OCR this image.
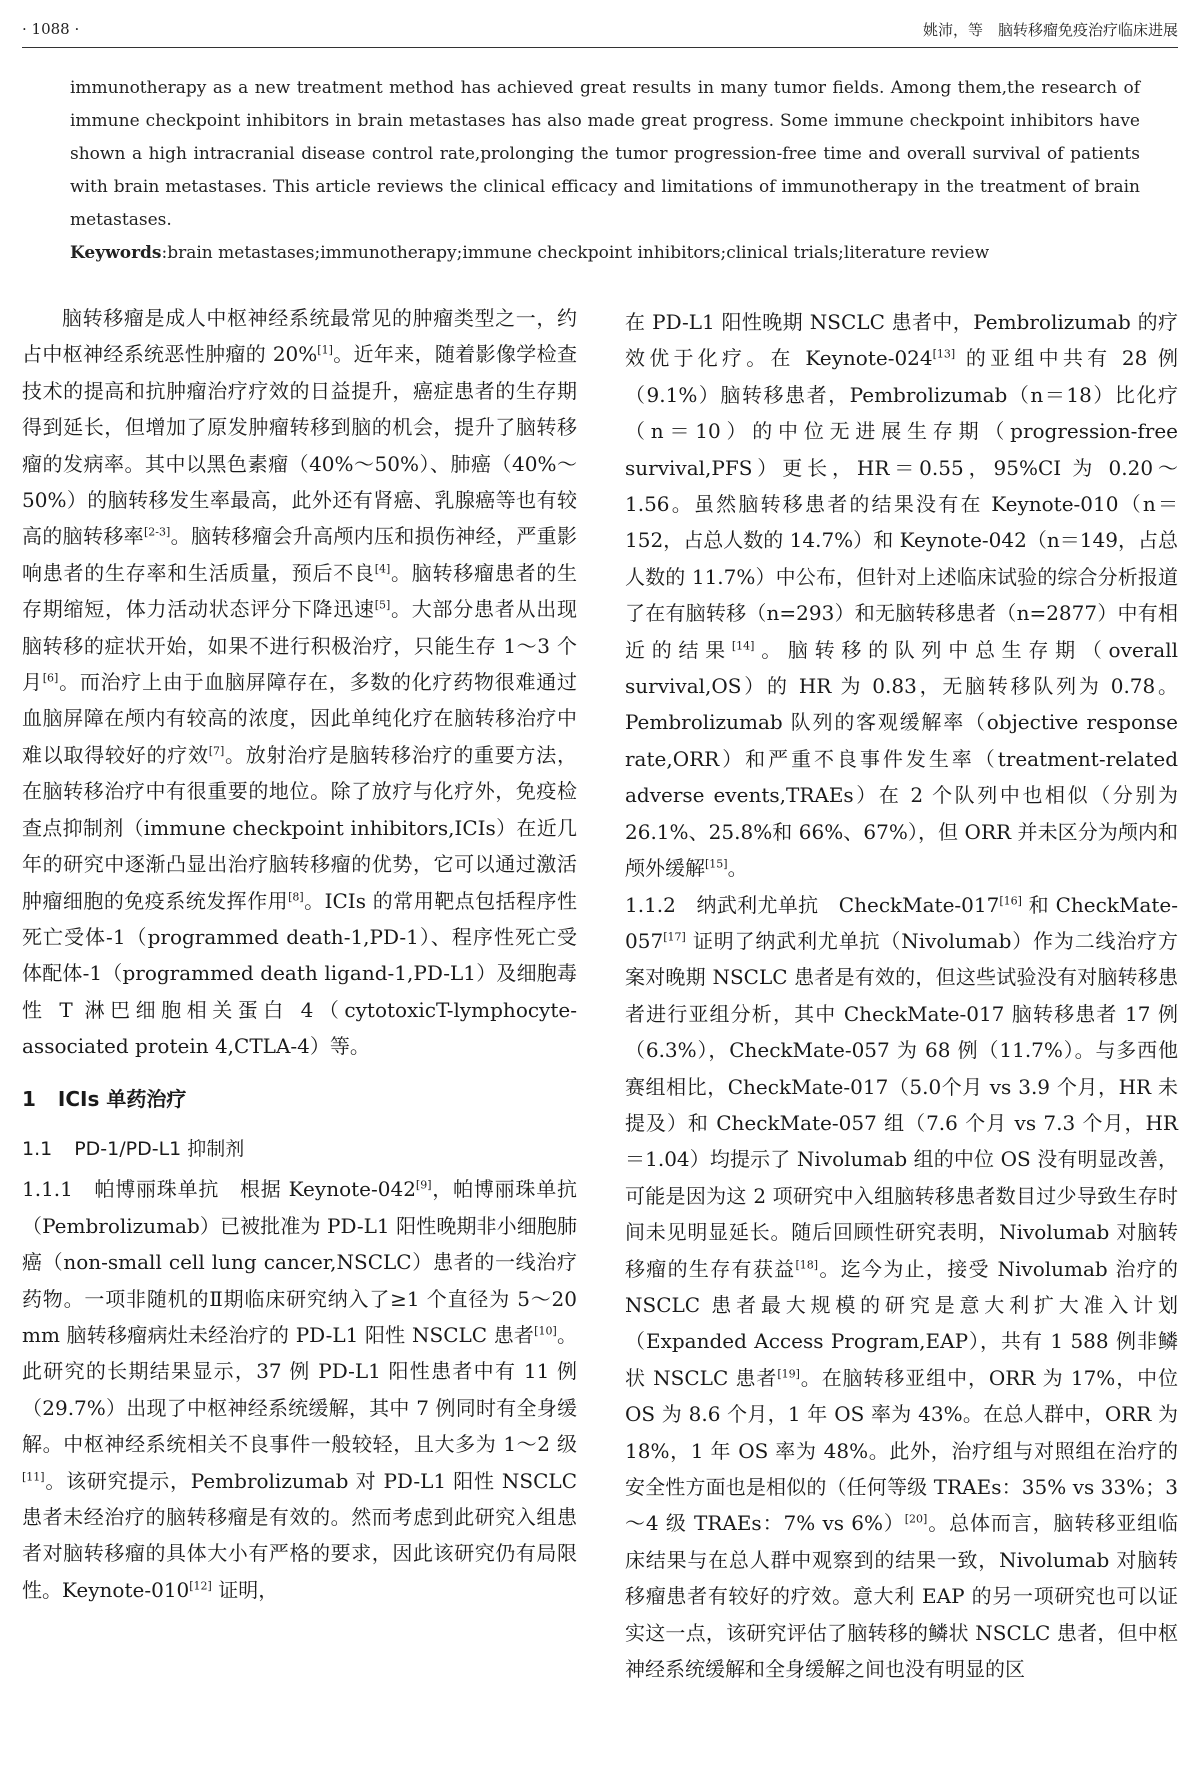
· 1088 ·	姚沛，等　脑转移瘤免疫治疗临床进展

immunotherapy as a new treatment method has achieved great results in many tumor fields. Among them,the research of immune checkpoint inhibitors in brain metastases has also made great progress. Some immune checkpoint inhibitors have shown a high intracranial disease control rate,prolonging the tumor progression-free time and overall survival of patients with brain metastases. This article reviews the clinical efficacy and limitations of immunotherapy in the treatment of brain metastases.

Keywords:brain metastases;immunotherapy;immune checkpoint inhibitors;clinical trials;literature review

脑转移瘤是成人中枢神经系统最常见的肿瘤类型之一，约占中枢神经系统恶性肿瘤的 20%[1]。近年来，随着影像学检查技术的提高和抗肿瘤治疗疗效的日益提升，癌症患者的生存期得到延长，但增加了原发肿瘤转移到脑的机会，提升了脑转移瘤的发病率。其中以黑色素瘤（40%～50%）、肺癌（40%～50%）的脑转移发生率最高，此外还有肾癌、乳腺癌等也有较高的脑转移率[2-3]。脑转移瘤会升高颅内压和损伤神经，严重影响患者的生存率和生活质量，预后不良[4]。脑转移瘤患者的生存期缩短，体力活动状态评分下降迅速[5]。大部分患者从出现脑转移的症状开始，如果不进行积极治疗，只能生存 1～3 个月[6]。而治疗上由于血脑屏障存在，多数的化疗药物很难通过血脑屏障在颅内有较高的浓度，因此单纯化疗在脑转移治疗中难以取得较好的疗效[7]。放射治疗是脑转移治疗的重要方法，在脑转移治疗中有很重要的地位。除了放疗与化疗外，免疫检查点抑制剂（immune checkpoint inhibitors,ICIs）在近几年的研究中逐渐凸显出治疗脑转移瘤的优势，它可以通过激活肿瘤细胞的免疫系统发挥作用[8]。ICIs 的常用靶点包括程序性死亡受体-1（programmed death-1,PD-1）、程序性死亡受体配体-1（programmed death ligand-1,PD-L1）及细胞毒性 T 淋巴细胞相关蛋白 4（cytotoxicT-lymphocyte-associated protein 4,CTLA-4）等。

1 ICIs 单药治疗
1.1 PD-1/PD-L1 抑制剂

1.1.1　帕博丽珠单抗　根据 Keynote-042[9]，帕博丽珠单抗（Pembrolizumab）已被批准为 PD-L1 阳性晚期非小细胞肺癌（non-small cell lung cancer,NSCLC）患者的一线治疗药物。一项非随机的Ⅱ期临床研究纳入了≥1 个直径为 5～20 mm 脑转移瘤病灶未经治疗的 PD-L1 阳性 NSCLC 患者[10]。此研究的长期结果显示，37 例 PD-L1 阳性患者中有 11 例（29.7%）出现了中枢神经系统缓解，其中 7 例同时有全身缓解。中枢神经系统相关不良事件一般较轻，且大多为 1～2 级[11]。该研究提示，Pembrolizumab 对 PD-L1 阳性 NSCLC 患者未经治疗的脑转移瘤是有效的。然而考虑到此研究入组患者对脑转移瘤的具体大小有严格的要求，因此该研究仍有局限性。Keynote-010[12] 证明，

在 PD-L1 阳性晚期 NSCLC 患者中，Pembrolizumab 的疗效优于化疗。在 Keynote-024[13] 的亚组中共有 28 例（9.1%）脑转移患者，Pembrolizumab（n＝18）比化疗（n＝10）的中位无进展生存期（progression-free survival,PFS）更长，HR＝0.55，95%CI 为 0.20～1.56。虽然脑转移患者的结果没有在 Keynote-010（n＝152，占总人数的 14.7%）和 Keynote-042（n＝149，占总人数的 11.7%）中公布，但针对上述临床试验的综合分析报道了在有脑转移（n=293）和无脑转移患者（n=2877）中有相近的结果[14]。脑转移的队列中总生存期（overall survival,OS）的 HR 为 0.83，无脑转移队列为 0.78。Pembrolizumab 队列的客观缓解率（objective response rate,ORR）和严重不良事件发生率（treatment-related adverse events,TRAEs）在 2 个队列中也相似（分别为 26.1%、25.8%和 66%、67%），但 ORR 并未区分为颅内和颅外缓解[15]。

1.1.2　纳武利尤单抗　CheckMate-017[16] 和 CheckMate-057[17] 证明了纳武利尤单抗（Nivolumab）作为二线治疗方案对晚期 NSCLC 患者是有效的，但这些试验没有对脑转移患者进行亚组分析，其中 CheckMate-017 脑转移患者 17 例（6.3%），CheckMate-057 为 68 例（11.7%）。与多西他赛组相比，CheckMate-017（5.0个月 vs 3.9 个月，HR 未提及）和 CheckMate-057 组（7.6 个月 vs 7.3 个月，HR＝1.04）均提示了 Nivolumab 组的中位 OS 没有明显改善，可能是因为这 2 项研究中入组脑转移患者数目过少导致生存时间未见明显延长。随后回顾性研究表明，Nivolumab 对脑转移瘤的生存有获益[18]。迄今为止，接受 Nivolumab 治疗的 NSCLC 患者最大规模的研究是意大利扩大准入计划（Expanded Access Program,EAP），共有 1 588 例非鳞状 NSCLC 患者[19]。在脑转移亚组中，ORR 为 17%，中位 OS 为 8.6 个月，1 年 OS 率为 43%。在总人群中，ORR 为 18%，1 年 OS 率为 48%。此外，治疗组与对照组在治疗的安全性方面也是相似的（任何等级 TRAEs：35% vs 33%；3～4 级 TRAEs：7% vs 6%）[20]。总体而言，脑转移亚组临床结果与在总人群中观察到的结果一致，Nivolumab 对脑转移瘤患者有较好的疗效。意大利 EAP 的另一项研究也可以证实这一点，该研究评估了脑转移的鳞状 NSCLC 患者，但中枢神经系统缓解和全身缓解之间也没有明显的区
